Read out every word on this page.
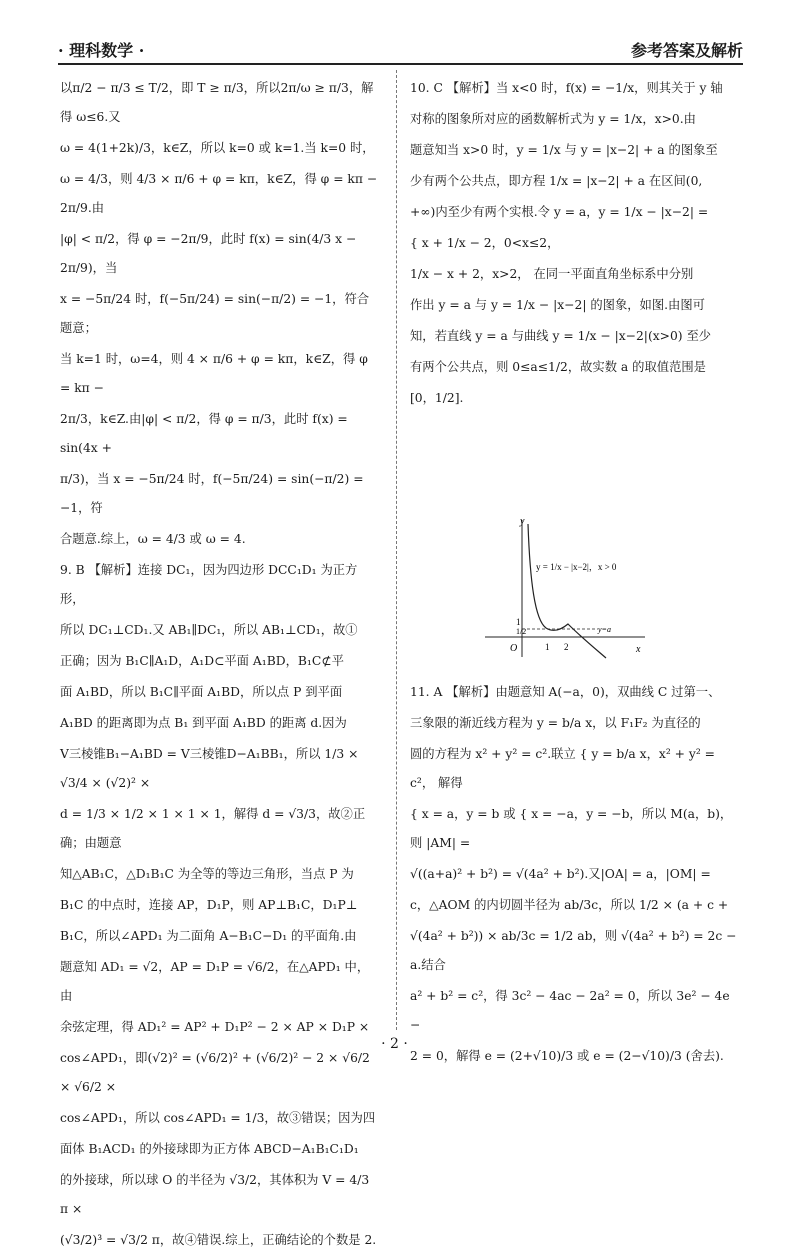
· 理科数学 ·	参考答案及解析
以π/2 − π/3 ≤ T/2，即 T ≥ π/3，所以2π/ω ≥ π/3，解得 ω≤6.又
ω = 4(1+2k)/3，k∈Z，所以 k=0 或 k=1.当 k=0 时，
ω = 4/3，则 4/3 × π/6 + φ = kπ，k∈Z，得 φ = kπ − 2π/9.由
|φ| < π/2，得 φ = −2π/9，此时 f(x) = sin(4/3 x − 2π/9)，当
x = −5π/24 时，f(−5π/24) = sin(−π/2) = −1，符合题意；
当 k=1 时，ω=4，则 4 × π/6 + φ = kπ，k∈Z，得 φ = kπ −
2π/3，k∈Z.由|φ| < π/2，得 φ = π/3，此时 f(x) = sin(4x +
π/3)，当 x = −5π/24 时，f(−5π/24) = sin(−π/2) = −1，符
合题意.综上，ω = 4/3 或 ω = 4.
9. B 【解析】连接 DC₁，因为四边形 DCC₁D₁ 为正方形，
所以 DC₁⊥CD₁.又 AB₁∥DC₁，所以 AB₁⊥CD₁，故①
正确；因为 B₁C∥A₁D，A₁D⊂平面 A₁BD，B₁C⊄平
面 A₁BD，所以 B₁C∥平面 A₁BD，所以点 P 到平面
A₁BD 的距离即为点 B₁ 到平面 A₁BD 的距离 d.因为
V三棱锥B₁−A₁BD = V三棱锥D−A₁BB₁，所以 1/3 × √3/4 × (√2)² ×
d = 1/3 × 1/2 × 1 × 1 × 1，解得 d = √3/3，故②正确；由题意
知△AB₁C，△D₁B₁C 为全等的等边三角形，当点 P 为
B₁C 的中点时，连接 AP，D₁P，则 AP⊥B₁C，D₁P⊥
B₁C，所以∠APD₁ 为二面角 A−B₁C−D₁ 的平面角.由
题意知 AD₁ = √2，AP = D₁P = √6/2，在△APD₁ 中，由
余弦定理，得 AD₁² = AP² + D₁P² − 2 × AP × D₁P ×
cos∠APD₁，即(√2)² = (√6/2)² + (√6/2)² − 2 × √6/2 × √6/2 ×
cos∠APD₁，所以 cos∠APD₁ = 1/3，故③错误；因为四
面体 B₁ACD₁ 的外接球即为正方体 ABCD−A₁B₁C₁D₁
的外接球，所以球 O 的半径为 √3/2，其体积为 V = 4/3 π ×
(√3/2)³ = √3/2 π，故④错误.综上，正确结论的个数是 2.
10. C 【解析】当 x<0 时，f(x) = −1/x，则其关于 y 轴
对称的图象所对应的函数解析式为 y = 1/x，x>0.由
题意知当 x>0 时，y = 1/x 与 y = |x−2| + a 的图象至
少有两个公共点，即方程 1/x = |x−2| + a 在区间(0,
+∞)内至少有两个实根.令 y = a，y = 1/x − |x−2| =
{ x + 1/x − 2，0<x≤2，
1/x − x + 2，x>2， 在同一平面直角坐标系中分别
作出 y = a 与 y = 1/x − |x−2| 的图象，如图.由图可
知，若直线 y = a 与曲线 y = 1/x − |x−2|(x>0) 至少
有两个公共点，则 0≤a≤1/2，故实数 a 的取值范围是
[0，1/2].
y
x
O
1
1/2
1 2
y=a
y = 1/x − |x−2|，x > 0
11. A 【解析】由题意知 A(−a，0)，双曲线 C 过第一、
三象限的渐近线方程为 y = b/a x，以 F₁F₂ 为直径的
圆的方程为 x² + y² = c².联立 { y = b/a x，x² + y² = c²， 解得
{ x = a，y = b 或 { x = −a，y = −b，所以 M(a，b)，则 |AM| =
√((a+a)² + b²) = √(4a² + b²).又|OA| = a，|OM| =
c，△AOM 的内切圆半径为 ab/3c，所以 1/2 × (a + c +
√(4a² + b²)) × ab/3c = 1/2 ab，则 √(4a² + b²) = 2c − a.结合
a² + b² = c²，得 3c² − 4ac − 2a² = 0，所以 3e² − 4e −
2 = 0，解得 e = (2+√10)/3 或 e = (2−√10)/3 (舍去).
· 2 ·
